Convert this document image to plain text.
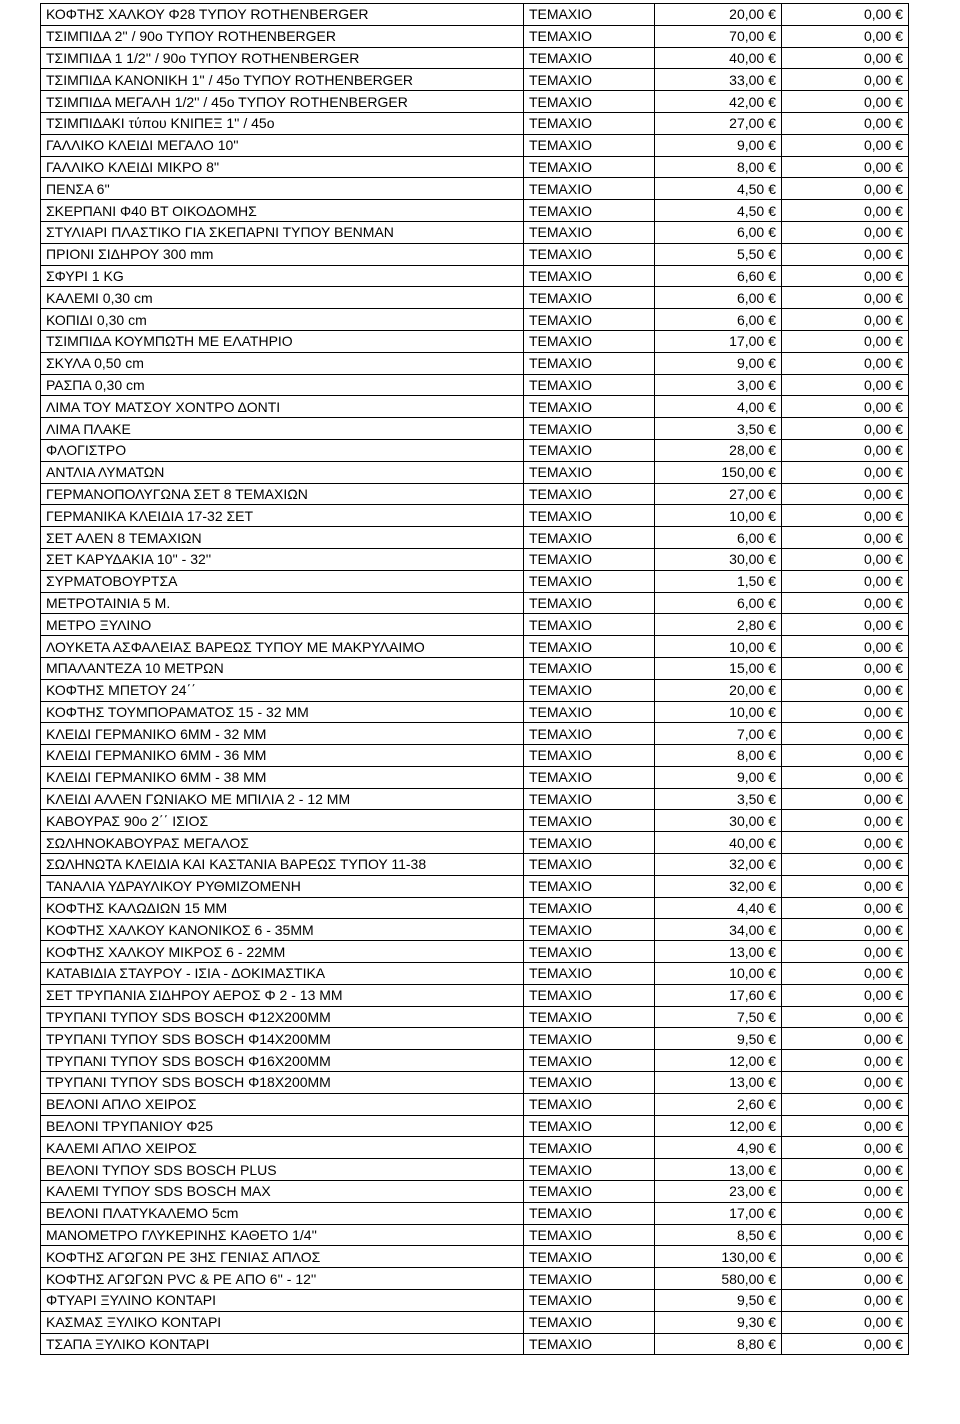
ΚΟΦΤΗΣ ΧΑΛΚΟΥ Φ28 ΤΥΠΟΥ ROTHENBERGER	ΤΕΜΑΧΙΟ	20,00 €	0,00 €
ΤΣΙΜΠΙΔΑ 2'' / 90ο ΤΥΠΟΥ ROTHENBERGER	ΤΕΜΑΧΙΟ	70,00 €	0,00 €
ΤΣΙΜΠΙΔΑ 1 1/2'' / 90ο ΤΥΠΟΥ ROTHENBERGER	ΤΕΜΑΧΙΟ	40,00 €	0,00 €
ΤΣΙΜΠΙΔΑ ΚΑΝΟΝΙΚΗ 1'' / 45ο ΤΥΠΟΥ ROTHENBERGER	ΤΕΜΑΧΙΟ	33,00 €	0,00 €
ΤΣΙΜΠΙΔΑ ΜΕΓΑΛΗ 1/2'' / 45ο ΤΥΠΟΥ ROTHENBERGER	ΤΕΜΑΧΙΟ	42,00 €	0,00 €
ΤΣΙΜΠΙΔΑΚΙ τύπου ΚΝΙΠΕΞ 1'' / 45ο	ΤΕΜΑΧΙΟ	27,00 €	0,00 €
ΓΑΛΛΙΚΟ ΚΛΕΙΔΙ ΜΕΓΑΛΟ 10''	ΤΕΜΑΧΙΟ	9,00 €	0,00 €
ΓΑΛΛΙΚΟ ΚΛΕΙΔΙ ΜΙΚΡΟ 8''	ΤΕΜΑΧΙΟ	8,00 €	0,00 €
ΠΕΝΣΑ 6''	ΤΕΜΑΧΙΟ	4,50 €	0,00 €
ΣΚΕΡΠΑΝΙ Φ40 ΒΤ ΟΙΚΟΔΟΜΗΣ	ΤΕΜΑΧΙΟ	4,50 €	0,00 €
ΣΤΥΛΙΑΡΙ ΠΛΑΣΤΙΚΟ ΓΙΑ ΣΚΕΠΑΡΝΙ ΤΥΠΟΥ ΒΕΝΜΑΝ	ΤΕΜΑΧΙΟ	6,00 €	0,00 €
ΠΡΙΟΝΙ ΣΙΔΗΡΟΥ 300 mm	ΤΕΜΑΧΙΟ	5,50 €	0,00 €
ΣΦΥΡΙ 1 KG	ΤΕΜΑΧΙΟ	6,60 €	0,00 €
ΚΑΛΕΜΙ 0,30 cm	ΤΕΜΑΧΙΟ	6,00 €	0,00 €
ΚΟΠΙΔΙ 0,30 cm	ΤΕΜΑΧΙΟ	6,00 €	0,00 €
ΤΣΙΜΠΙΔΑ ΚΟΥΜΠΩΤΗ ΜΕ ΕΛΑΤΗΡΙΟ	ΤΕΜΑΧΙΟ	17,00 €	0,00 €
ΣΚΥΛΑ 0,50 cm	ΤΕΜΑΧΙΟ	9,00 €	0,00 €
ΡΑΣΠΑ 0,30 cm	ΤΕΜΑΧΙΟ	3,00 €	0,00 €
ΛΙΜΑ ΤΟΥ ΜΑΤΣΟΥ ΧΟΝΤΡΟ ΔΟΝΤΙ	ΤΕΜΑΧΙΟ	4,00 €	0,00 €
ΛΙΜΑ ΠΛΑΚΕ	ΤΕΜΑΧΙΟ	3,50 €	0,00 €
ΦΛΟΓΙΣΤΡΟ	ΤΕΜΑΧΙΟ	28,00 €	0,00 €
ΑΝΤΛΙΑ ΛΥΜΑΤΩΝ	ΤΕΜΑΧΙΟ	150,00 €	0,00 €
ΓΕΡΜΑΝΟΠΟΛΥΓΩΝΑ ΣΕΤ 8 ΤΕΜΑΧΙΩΝ	ΤΕΜΑΧΙΟ	27,00 €	0,00 €
ΓΕΡΜΑΝΙΚΑ ΚΛΕΙΔΙΑ 17-32 ΣΕΤ	ΤΕΜΑΧΙΟ	10,00 €	0,00 €
ΣΕΤ ΑΛΕΝ 8 ΤΕΜΑΧΙΩΝ	ΤΕΜΑΧΙΟ	6,00 €	0,00 €
ΣΕΤ ΚΑΡΥΔΑΚΙΑ 10'' - 32''	ΤΕΜΑΧΙΟ	30,00 €	0,00 €
ΣΥΡΜΑΤΟΒΟΥΡΤΣΑ	ΤΕΜΑΧΙΟ	1,50 €	0,00 €
ΜΕΤΡΟΤΑΙΝΙΑ 5 Μ.	ΤΕΜΑΧΙΟ	6,00 €	0,00 €
ΜΕΤΡΟ ΞΥΛΙΝΟ	ΤΕΜΑΧΙΟ	2,80 €	0,00 €
ΛΟΥΚΕΤΑ ΑΣΦΑΛΕΙΑΣ ΒΑΡΕΩΣ ΤΥΠΟΥ ΜΕ ΜΑΚΡΥΛΑΙΜΟ	ΤΕΜΑΧΙΟ	10,00 €	0,00 €
ΜΠΑΛΑΝΤΕΖΑ 10 ΜΕΤΡΩΝ	ΤΕΜΑΧΙΟ	15,00 €	0,00 €
ΚΟΦΤΗΣ ΜΠΕΤΟΥ 24΄΄	ΤΕΜΑΧΙΟ	20,00 €	0,00 €
ΚΟΦΤΗΣ ΤΟΥΜΠΟΡΑΜΑΤΟΣ 15 - 32 ΜΜ	ΤΕΜΑΧΙΟ	10,00 €	0,00 €
ΚΛΕΙΔΙ ΓΕΡΜΑΝΙΚΟ 6ΜΜ - 32 ΜΜ	ΤΕΜΑΧΙΟ	7,00 €	0,00 €
ΚΛΕΙΔΙ ΓΕΡΜΑΝΙΚΟ 6ΜΜ - 36 ΜΜ	ΤΕΜΑΧΙΟ	8,00 €	0,00 €
ΚΛΕΙΔΙ ΓΕΡΜΑΝΙΚΟ 6ΜΜ - 38 ΜΜ	ΤΕΜΑΧΙΟ	9,00 €	0,00 €
ΚΛΕΙΔΙ ΑΛΛΕΝ ΓΩΝΙΑΚΟ ΜΕ ΜΠΙΛΙΑ 2 - 12 ΜΜ	ΤΕΜΑΧΙΟ	3,50 €	0,00 €
ΚΑΒΟΥΡΑΣ 90ο 2΄΄ ΙΣΙΟΣ	ΤΕΜΑΧΙΟ	30,00 €	0,00 €
ΣΩΛΗΝΟΚΑΒΟΥΡΑΣ ΜΕΓΑΛΟΣ	ΤΕΜΑΧΙΟ	40,00 €	0,00 €
ΣΩΛΗΝΩΤΑ ΚΛΕΙΔΙΑ ΚΑΙ ΚΑΣΤΑΝΙΑ ΒΑΡΕΩΣ ΤΥΠΟΥ 11-38	ΤΕΜΑΧΙΟ	32,00 €	0,00 €
ΤΑΝΑΛΙΑ ΥΔΡΑΥΛΙΚΟΥ ΡΥΘΜΙΖΟΜΕΝΗ	ΤΕΜΑΧΙΟ	32,00 €	0,00 €
ΚΟΦΤΗΣ ΚΑΛΩΔΙΩΝ 15 ΜΜ	ΤΕΜΑΧΙΟ	4,40 €	0,00 €
ΚΟΦΤΗΣ ΧΑΛΚΟΥ ΚΑΝΟΝΙΚΟΣ 6 - 35ΜΜ	ΤΕΜΑΧΙΟ	34,00 €	0,00 €
ΚΟΦΤΗΣ ΧΑΛΚΟΥ ΜΙΚΡΟΣ 6 - 22ΜΜ	ΤΕΜΑΧΙΟ	13,00 €	0,00 €
ΚΑΤΑΒΙΔΙΑ ΣΤΑΥΡΟΥ - ΙΣΙΑ - ΔΟΚΙΜΑΣΤΙΚΑ	ΤΕΜΑΧΙΟ	10,00 €	0,00 €
ΣΕΤ ΤΡΥΠΑΝΙΑ ΣΙΔΗΡΟΥ ΑΕΡΟΣ Φ 2 - 13 ΜΜ	ΤΕΜΑΧΙΟ	17,60 €	0,00 €
ΤΡΥΠΑΝΙ ΤΥΠΟΥ SDS BOSCH Φ12Χ200ΜΜ	ΤΕΜΑΧΙΟ	7,50 €	0,00 €
ΤΡΥΠΑΝΙ ΤΥΠΟΥ SDS BOSCH Φ14Χ200ΜΜ	ΤΕΜΑΧΙΟ	9,50 €	0,00 €
ΤΡΥΠΑΝΙ ΤΥΠΟΥ SDS BOSCH Φ16Χ200ΜΜ	ΤΕΜΑΧΙΟ	12,00 €	0,00 €
ΤΡΥΠΑΝΙ ΤΥΠΟΥ SDS BOSCH Φ18Χ200ΜΜ	ΤΕΜΑΧΙΟ	13,00 €	0,00 €
ΒΕΛΟΝΙ ΑΠΛΟ ΧΕΙΡΟΣ	ΤΕΜΑΧΙΟ	2,60 €	0,00 €
ΒΕΛΟΝΙ ΤΡΥΠΑΝΙΟΥ Φ25	ΤΕΜΑΧΙΟ	12,00 €	0,00 €
ΚΑΛΕΜΙ ΑΠΛΟ ΧΕΙΡΟΣ	ΤΕΜΑΧΙΟ	4,90 €	0,00 €
ΒΕΛΟΝΙ ΤΥΠΟΥ SDS BOSCH PLUS	ΤΕΜΑΧΙΟ	13,00 €	0,00 €
ΚΑΛΕΜΙ ΤΥΠΟΥ SDS BOSCH MAX	ΤΕΜΑΧΙΟ	23,00 €	0,00 €
ΒΕΛΟΝΙ ΠΛΑΤΥΚΑΛΕΜΟ 5cm	ΤΕΜΑΧΙΟ	17,00 €	0,00 €
ΜΑΝΟΜΕΤΡΟ ΓΛΥΚΕΡΙΝΗΣ ΚΑΘΕΤΟ 1/4''	ΤΕΜΑΧΙΟ	8,50 €	0,00 €
ΚΟΦΤΗΣ ΑΓΩΓΩΝ PE 3ΗΣ ΓΕΝΙΑΣ ΑΠΛΟΣ	ΤΕΜΑΧΙΟ	130,00 €	0,00 €
ΚΟΦΤΗΣ ΑΓΩΓΩΝ PVC & PE ΑΠΟ 6'' - 12''	ΤΕΜΑΧΙΟ	580,00 €	0,00 €
ΦΤΥΑΡΙ ΞΥΛΙΝΟ ΚΟΝΤΑΡΙ	ΤΕΜΑΧΙΟ	9,50 €	0,00 €
ΚΑΣΜΑΣ ΞΥΛΙΚΟ ΚΟΝΤΑΡΙ	ΤΕΜΑΧΙΟ	9,30 €	0,00 €
ΤΣΑΠΑ ΞΥΛΙΚΟ ΚΟΝΤΑΡΙ	ΤΕΜΑΧΙΟ	8,80 €	0,00 €
